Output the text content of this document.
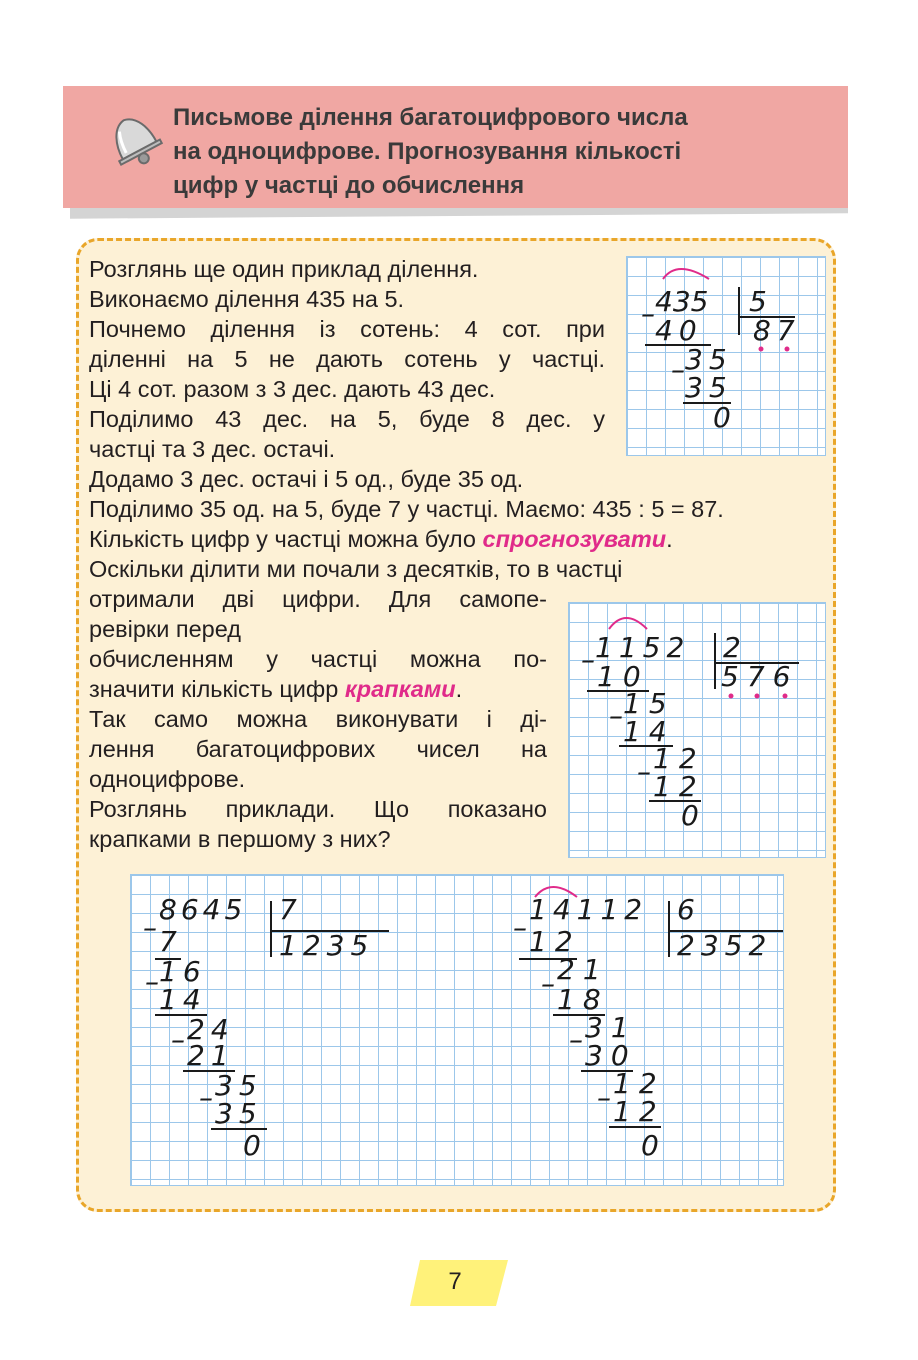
Письмове ділення багатоцифрового числа
на одноцифрове. Прогнозування кількості
цифр у частці до обчислення

Розглянь ще один приклад ділення.

Виконаємо ділення 435 на 5.

Почнемо ділення із сотень: 4 сот. при

діленні на 5 не дають сотень у частці.

Ці 4 сот. разом з 3 дес. дають 43 дес.

Поділимо 43 дес. на 5, буде 8 дес. у

частці та 3 дес. остачі.

Додамо 3 дес. остачі і 5 од., буде 35 од.

Поділимо 35 од. на 5, буде 7 у частці. Маємо: 435 : 5 = 87.

Кількість цифр у частці можна було спрогнозувати.

Оскільки ділити ми почали з десятків, то в частці

отримали дві цифри. Для самопе-

ревірки перед

обчисленням у частці можна по-

значити кількість цифр крапками.

Так само можна виконувати і ді-

лення багатоцифрових чисел на

одноцифрове.

Розглянь приклади. Що показано

крапками в першому з них?

435 5
87
–
40
– 35
35
0
1152 2
576
–
10
– 15
14
– 12
12
0
–
8645 7
1235
7
– 16
14
– 24
21
– 35
35
0
–
14112 6
2352
12
– 21
18
– 31
30
– 12
12
0
7
